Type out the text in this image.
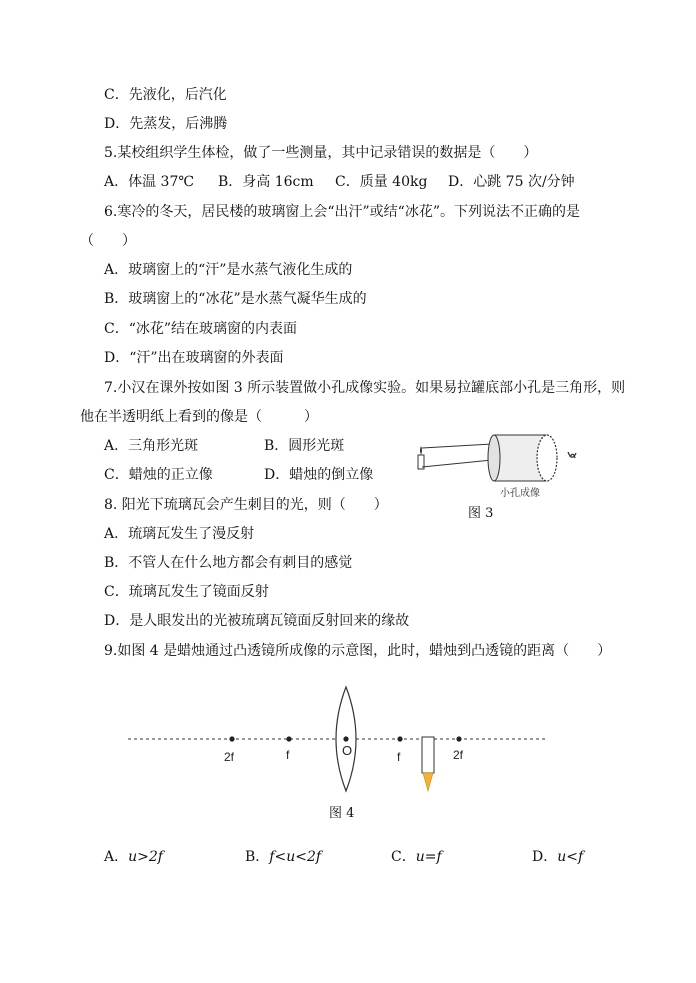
C．先液化，后汽化
D．先蒸发，后沸腾
5.某校组织学生体检，做了一些测量，其中记录错误的数据是（　　）
A．体温 37℃ B．身高 16cm C．质量 40kg D．心跳 75 次/分钟
6.寒冷的冬天，居民楼的玻璃窗上会“出汗”或结“冰花”。下列说法不正确的是
（　　）
A．玻璃窗上的“汗”是水蒸气液化生成的
B．玻璃窗上的“冰花”是水蒸气凝华生成的
C．“冰花”结在玻璃窗的内表面
D．“汗”出在玻璃窗的外表面
7.小汉在课外按如图 3 所示装置做小孔成像实验。如果易拉罐底部小孔是三角形，则
他在半透明纸上看到的像是（　　　）
A．三角形光斑	B．圆形光斑
C．蜡烛的正立像	D．蜡烛的倒立像
小孔成像
图 3
8. 阳光下琉璃瓦会产生刺目的光，则（　　）
A．琉璃瓦发生了漫反射
B．不管人在什么地方都会有刺目的感觉
C．琉璃瓦发生了镜面反射
D．是人眼发出的光被琉璃瓦镜面反射回来的缘故
9.如图 4 是蜡烛通过凸透镜所成像的示意图，此时，蜡烛到凸透镜的距离（　　）
2f	f	O	f	2f
图 4
A．u>2f	B．f<u<2f	C．u=f	D．u<f
